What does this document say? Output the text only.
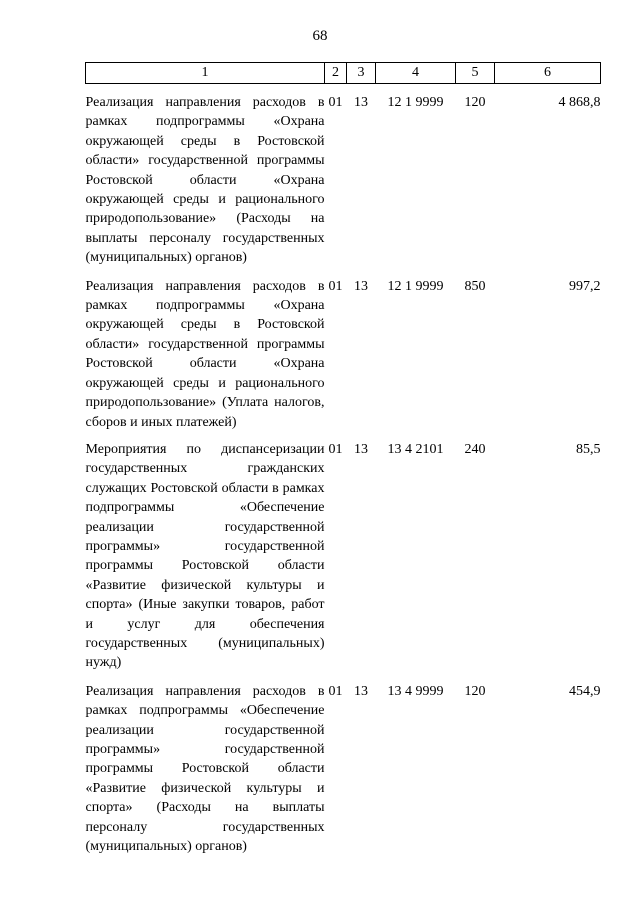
68
1	2	3	4	5	6
Реализация направления расходов в рамках подпрограммы «Охрана окружающей среды в Ростовской области» государственной программы Ростовской области «Охрана окружающей среды и рационального природопользование» (Расходы на выплаты персоналу государственных (муниципальных) органов)	01	13	12 1 9999	120	4 868,8
Реализация направления расходов в рамках подпрограммы «Охрана окружающей среды в Ростовской области» государственной программы Ростовской области «Охрана окружающей среды и рационального природопользование» (Уплата налогов, сборов и иных платежей)	01	13	12 1 9999	850	997,2
Мероприятия по диспансеризации государственных гражданских служащих Ростовской области в рамках подпрограммы «Обеспечение реализации государственной программы» государственной программы Ростовской области «Развитие физической культуры и спорта» (Иные закупки товаров, работ и услуг для обеспечения государственных (муниципальных) нужд)	01	13	13 4 2101	240	85,5
Реализация направления расходов в рамках подпрограммы «Обеспечение реализации государственной программы» государственной программы Ростовской области «Развитие физической культуры и спорта» (Расходы на выплаты персоналу государственных (муниципальных) органов)	01	13	13 4 9999	120	454,9
